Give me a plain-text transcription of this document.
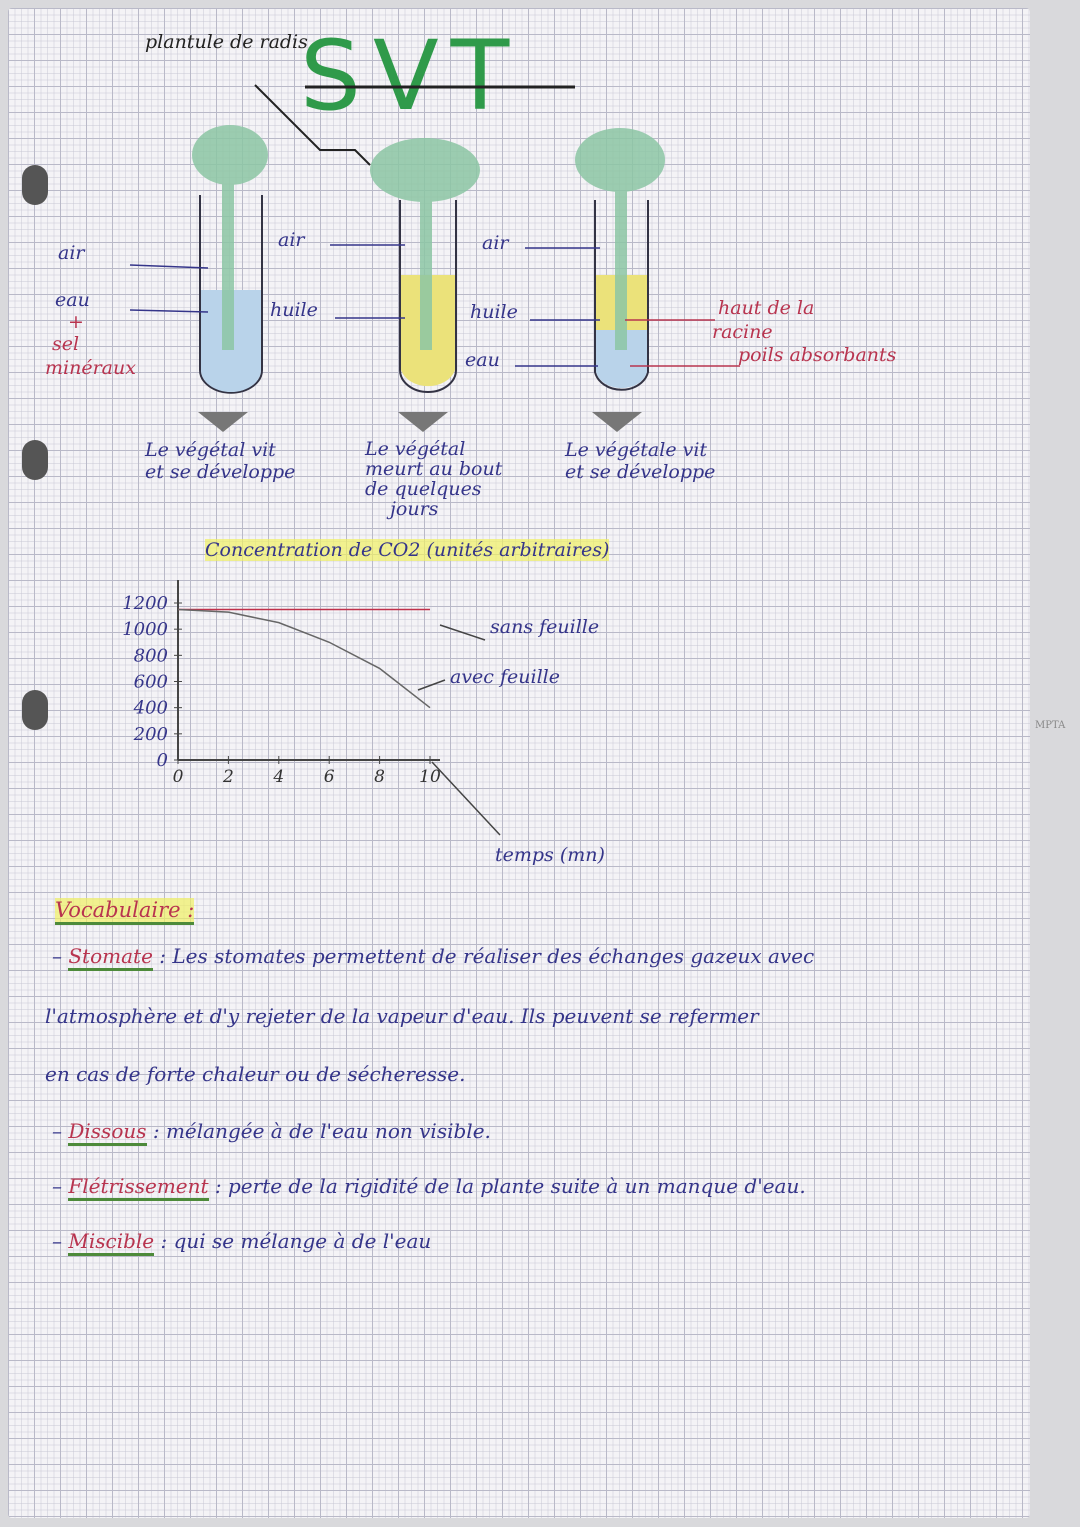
MPTA
SVT
plantule de radis
air
eau
+
sel
minéraux
air
huile
air
huile
eau
haut de la
racine
poils absorbants
Le végétal vit
et se développe
Le végétal
meurt au bout
de quelques
jours
Le végétale vit
et se développe
Concentration de CO2 (unités arbitraires)
0 2 4 6 8 10
0
200
400
600
800
1000
1200
sans feuille
avec feuille
temps (mn)
Vocabulaire :
– Stomate : Les stomates permettent de réaliser des échanges gazeux avec
l'atmosphère et d'y rejeter de la vapeur d'eau. Ils peuvent se refermer
en cas de forte chaleur ou de sécheresse.
– Dissous : mélangée à de l'eau non visible.
– Flétrissement : perte de la rigidité de la plante suite à un manque d'eau.
– Miscible : qui se mélange à de l'eau
